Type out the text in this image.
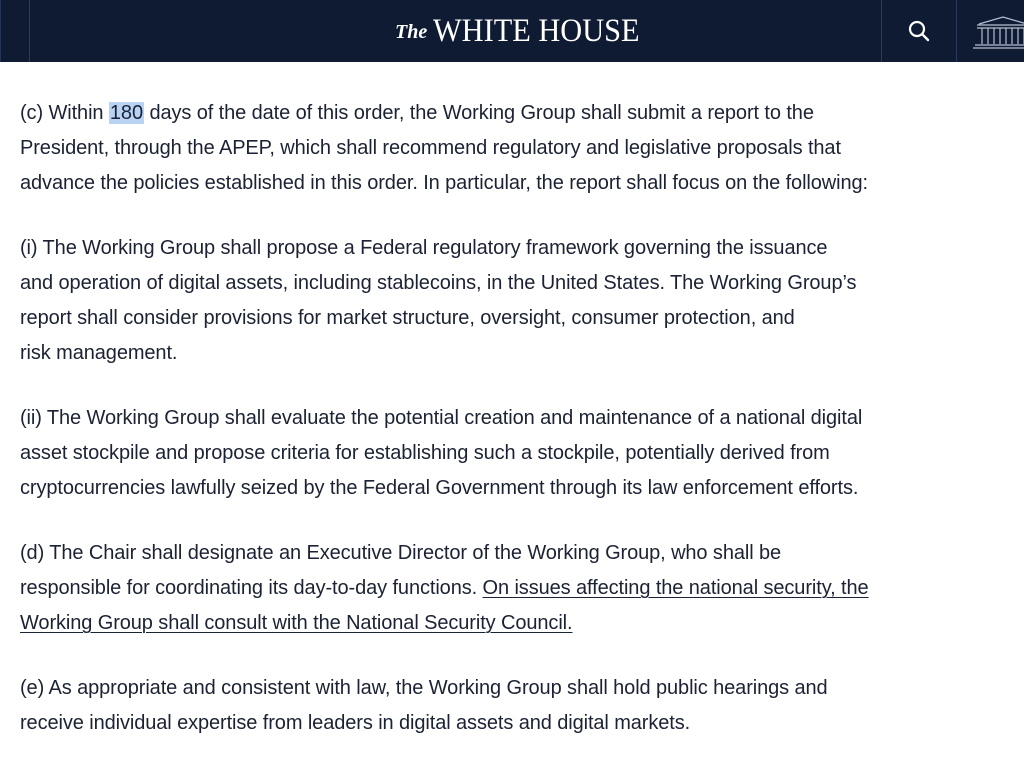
The WHITE HOUSE

(c) Within 180 days of the date of this order, the Working Group shall submit a report to the
President, through the APEP, which shall recommend regulatory and legislative proposals that
advance the policies established in this order. In particular, the report shall focus on the following:

(i) The Working Group shall propose a Federal regulatory framework governing the issuance
and operation of digital assets, including stablecoins, in the United States. The Working Group’s
report shall consider provisions for market structure, oversight, consumer protection, and
risk management.

(ii) The Working Group shall evaluate the potential creation and maintenance of a national digital
asset stockpile and propose criteria for establishing such a stockpile, potentially derived from
cryptocurrencies lawfully seized by the Federal Government through its law enforcement efforts.

(d) The Chair shall designate an Executive Director of the Working Group, who shall be
responsible for coordinating its day-to-day functions. On issues affecting the national security, the
Working Group shall consult with the National Security Council.

(e) As appropriate and consistent with law, the Working Group shall hold public hearings and
receive individual expertise from leaders in digital assets and digital markets.
